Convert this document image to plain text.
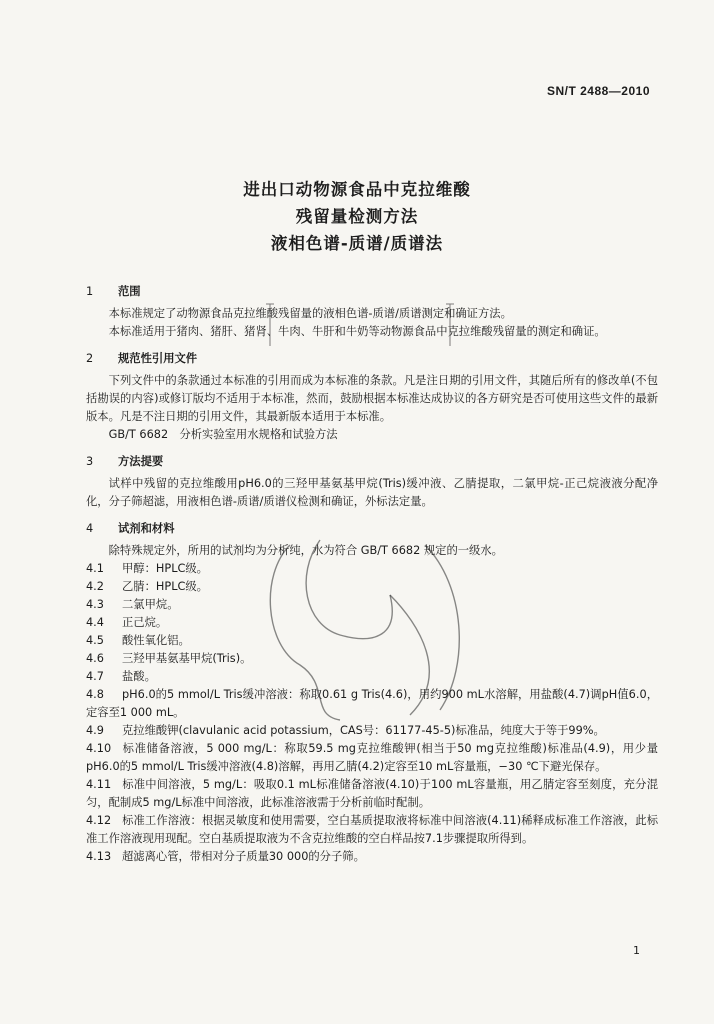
SN/T 2488—2010
进出口动物源食品中克拉维酸
残留量检测方法
液相色谱-质谱/质谱法
1	范围

本标准规定了动物源食品克拉维酸残留量的液相色谱-质谱/质谱测定和确证方法。

本标准适用于猪肉、猪肝、猪肾、牛肉、牛肝和牛奶等动物源食品中克拉维酸残留量的测定和确证。

2	规范性引用文件

下列文件中的条款通过本标准的引用而成为本标准的条款。凡是注日期的引用文件，其随后所有的修改单(不包括勘误的内容)或修订版均不适用于本标准，然而，鼓励根据本标准达成协议的各方研究是否可使用这些文件的最新版本。凡是不注日期的引用文件，其最新版本适用于本标准。

GB/T 6682　分析实验室用水规格和试验方法

3	方法提要

试样中残留的克拉维酸用pH6.0的三羟甲基氨基甲烷(Tris)缓冲液、乙腈提取，二氯甲烷-正己烷液液分配净化，分子筛超滤，用液相色谱-质谱/质谱仪检测和确证，外标法定量。

4	试剂和材料

除特殊规定外，所用的试剂均为分析纯，水为符合 GB/T 6682 规定的一级水。

4.1	甲醇：HPLC级。
4.2	乙腈：HPLC级。
4.3	二氯甲烷。
4.4	正己烷。
4.5	酸性氧化铝。
4.6	三羟甲基氨基甲烷(Tris)。
4.7	盐酸。

4.8 pH6.0的5 mmol/L Tris缓冲溶液：称取0.61 g Tris(4.6)，用约900 mL水溶解，用盐酸(4.7)调pH值6.0，定容至1 000 mL。

4.9 克拉维酸钾(clavulanic acid potassium，CAS号：61177-45-5)标准品，纯度大于等于99%。

4.10 标准储备溶液，5 000 mg/L：称取59.5 mg克拉维酸钾(相当于50 mg克拉维酸)标准品(4.9)，用少量pH6.0的5 mmol/L Tris缓冲溶液(4.8)溶解，再用乙腈(4.2)定容至10 mL容量瓶，−30 ℃下避光保存。

4.11 标准中间溶液，5 mg/L：吸取0.1 mL标准储备溶液(4.10)于100 mL容量瓶，用乙腈定容至刻度，充分混匀，配制成5 mg/L标准中间溶液，此标准溶液需于分析前临时配制。

4.12 标准工作溶液：根据灵敏度和使用需要，空白基质提取液将标准中间溶液(4.11)稀释成标准工作溶液，此标准工作溶液现用现配。空白基质提取液为不含克拉维酸的空白样品按7.1步骤提取所得到。

4.13 超滤离心管，带相对分子质量30 000的分子筛。

1
